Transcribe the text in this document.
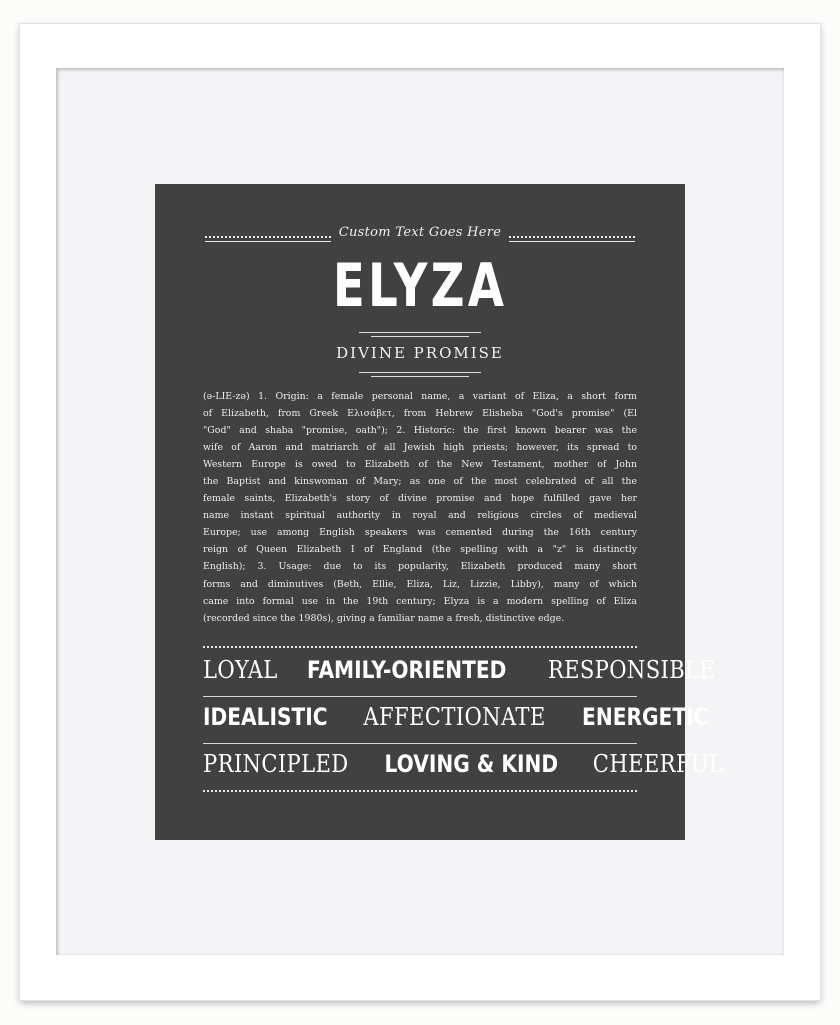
Custom Text Goes Here
ELYZA
DIVINE PROMISE

(ə-LIE-zə) 1. Origin: a female personal name, a variant of Eliza, a short form

of Elizabeth, from Greek Ελισάβετ, from Hebrew Elisheba "God's promise" (El

"God" and shaba "promise, oath"); 2. Historic: the first known bearer was the

wife of Aaron and matriarch of all Jewish high priests; however, its spread to

Western Europe is owed to Elizabeth of the New Testament, mother of John

the Baptist and kinswoman of Mary; as one of the most celebrated of all the

female saints, Elizabeth's story of divine promise and hope fulfilled gave her

name instant spiritual authority in royal and religious circles of medieval

Europe; use among English speakers was cemented during the 16th century

reign of Queen Elizabeth I of England (the spelling with a "z" is distinctly

English); 3. Usage: due to its popularity, Elizabeth produced many short

forms and diminutives (Beth, Ellie, Eliza, Liz, Lizzie, Libby), many of which

came into formal use in the 19th century; Elyza is a modern spelling of Eliza

(recorded since the 1980s), giving a familiar name a fresh, distinctive edge.

LOYAL FAMILY-ORIENTED RESPONSIBLE
IDEALISTIC AFFECTIONATE ENERGETIC
PRINCIPLED LOVING & KIND CHEERFUL
